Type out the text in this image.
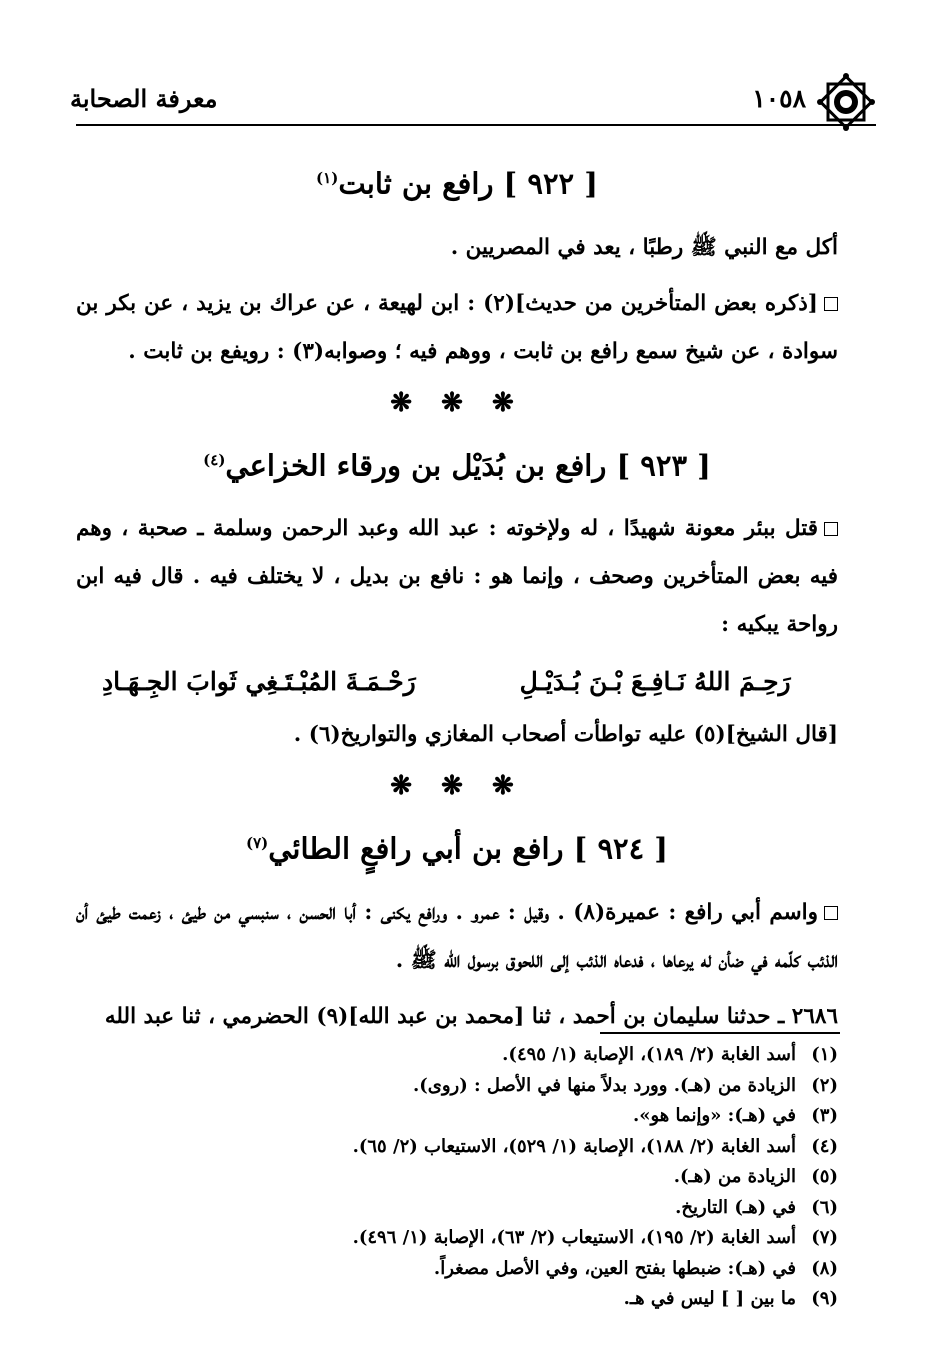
١٠٥٨
معرفة الصحابة
[ ٩٢٢ ] رافع بن ثابت$^{(١)}$

أكل مع النبي ﷺ رطبًا ، يعد في المصريين .

[ذكره بعض المتأخرين من حديث](٢) : ابن لهيعة ، عن عراك بن يزيد ، عن بكر بن سوادة ، عن شيخ سمع رافع بن ثابت ، ووهم فيه ؛ وصوابه(٣) : رويفع بن ثابت .

❋ ❋ ❋
[ ٩٢٣ ] رافع بن بُدَيْل بن ورقاء الخزاعي$^{(٤)}$

قتل ببئر معونة شهيدًا ، له ولإخوته : عبد الله وعبد الرحمن وسلمة ـ صحبة ، وهم فيه بعض المتأخرين وصحف ، وإنما هو : نافع بن بديل ، لا يختلف فيه . قال فيه ابن رواحة يبكيه :

رَحِـمَ اللهُ نَـافِـعَ بْـنَ بُـدَيْـلِ
رَحْـمَـةَ المُبْـتَـغِي ثَوابَ الجِـهَـادِ

[قال الشيخ](٥) عليه تواطأت أصحاب المغازي والتواريخ(٦) .

❋ ❋ ❋
[ ٩٢٤ ] رافع بن أبي رافعٍ الطائي$^{(٧)}$

واسم أبي رافع : عميرة(٨) . وقيل : عمرو . ورافع يكنى : أبا الحسن ، سنبسي من طيئ ، زعمت طيئ أن الذئب كلّمه في ضأن له يرعاها ، فدعاه الذئب إلى اللحوق برسول الله ﷺ .

٢٦٨٦ ـ حدثنا سليمان بن أحمد ، ثنا [محمد بن عبد الله](٩) الحضرمي ، ثنا عبد الله

(١)أسد الغابة (٢/ ١٨٩)، الإصابة (١/ ٤٩٥).
(٢)الزيادة من (هـ). وورد بدلاً منها في الأصل : (روى).
(٣)في (هـ): «وإنما هو».
(٤)أسد الغابة (٢/ ١٨٨)، الإصابة (١/ ٥٢٩)، الاستيعاب (٢/ ٦٥).
(٥)الزيادة من (هـ).
(٦)في (هـ) التاريخ.
(٧)أسد الغابة (٢/ ١٩٥)، الاستيعاب (٢/ ٦٣)، الإصابة (١/ ٤٩٦).
(٨)في (هـ): ضبطها بفتح العين، وفي الأصل مصغراً.
(٩)ما بين [ ] ليس في هـ.
